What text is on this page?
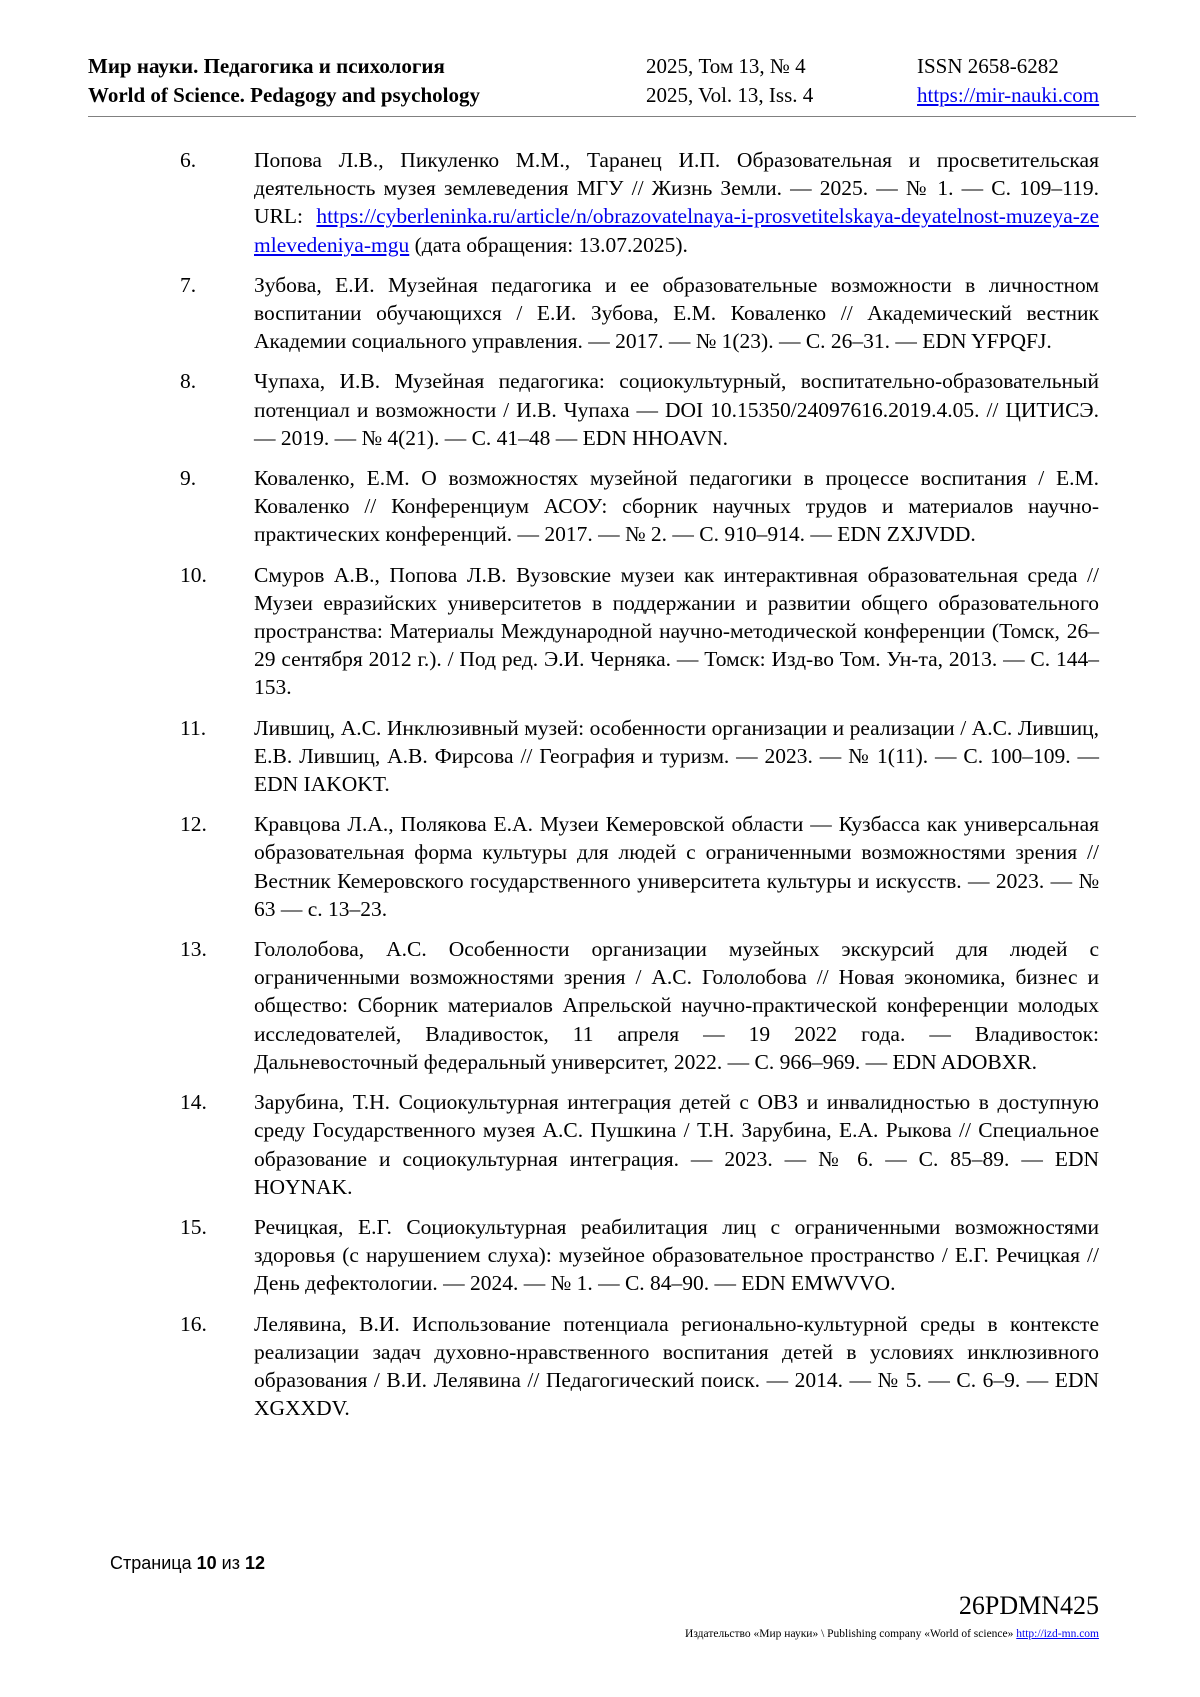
Мир науки. Педагогика и психология	2025, Том 13, № 4	ISSN 2658-6282
World of Science. Pedagogy and psychology	2025, Vol. 13, Iss. 4	https://mir-nauki.com
6.	Попова Л.В., Пикуленко М.М., Таранец И.П. Образовательная и просветительская деятельность музея землеведения МГУ // Жизнь Земли. — 2025. — № 1. — С. 109–119. URL: https://cyberleninka.ru/article/n/obrazovatelnaya-i-prosvetitelskaya-deyatelnost-muzeya-zemlevedeniya-mgu (дата обращения: 13.07.2025).
7.	Зубова, Е.И. Музейная педагогика и ее образовательные возможности в личностном воспитании обучающихся / Е.И. Зубова, Е.М. Коваленко // Академический вестник Академии социального управления. — 2017. — № 1(23). — С. 26–31. — EDN YFPQFJ.
8.	Чупаха, И.В. Музейная педагогика: социокультурный, воспитательно-образовательный потенциал и возможности / И.В. Чупаха — DOI 10.15350/24097616.2019.4.05. // ЦИТИСЭ. — 2019. — № 4(21). — С. 41–48 — EDN HHOAVN.
9.	Коваленко, Е.М. О возможностях музейной педагогики в процессе воспитания / Е.М. Коваленко // Конференциум АСОУ: сборник научных трудов и материалов научно-практических конференций. — 2017. — № 2. — С. 910–914. — EDN ZXJVDD.
10.	Смуров А.В., Попова Л.В. Вузовские музеи как интерактивная образовательная среда // Музеи евразийских университетов в поддержании и развитии общего образовательного пространства: Материалы Международной научно-методической конференции (Томск, 26–29 сентября 2012 г.). / Под ред. Э.И. Черняка. — Томск: Изд-во Том. Ун-та, 2013. — С. 144–153.
11.	Лившиц, А.С. Инклюзивный музей: особенности организации и реализации / А.С. Лившиц, Е.В. Лившиц, А.В. Фирсова // География и туризм. — 2023. — № 1(11). — С. 100–109. — EDN IAKOKT.
12.	Кравцова Л.А., Полякова Е.А. Музеи Кемеровской области — Кузбасса как универсальная образовательная форма культуры для людей с ограниченными возможностями зрения // Вестник Кемеровского государственного университета культуры и искусств. — 2023. — № 63 — с. 13–23.
13.	Гололобова, А.С. Особенности организации музейных экскурсий для людей с ограниченными возможностями зрения / А.С. Гололобова // Новая экономика, бизнес и общество: Сборник материалов Апрельской научно-практической конференции молодых исследователей, Владивосток, 11 апреля — 19 2022 года. — Владивосток: Дальневосточный федеральный университет, 2022. — С. 966–969. — EDN ADOBXR.
14.	Зарубина, Т.Н. Социокультурная интеграция детей с ОВЗ и инвалидностью в доступную среду Государственного музея А.С. Пушкина / Т.Н. Зарубина, Е.А. Рыкова // Специальное образование и социокультурная интеграция. — 2023. — № 6. — С. 85–89. — EDN HOYNAK.
15.	Речицкая, Е.Г. Социокультурная реабилитация лиц с ограниченными возможностями здоровья (с нарушением слуха): музейное образовательное пространство / Е.Г. Речицкая // День дефектологии. — 2024. — № 1. — С. 84–90. — EDN EMWVVO.
16.	Лелявина, В.И. Использование потенциала регионально-культурной среды в контексте реализации задач духовно-нравственного воспитания детей в условиях инклюзивного образования / В.И. Лелявина // Педагогический поиск. — 2014. — № 5. — С. 6–9. — EDN XGXXDV.
Страница 10 из 12
26PDMN425
Издательство «Мир науки» \ Publishing company «World of science» http://izd-mn.com
